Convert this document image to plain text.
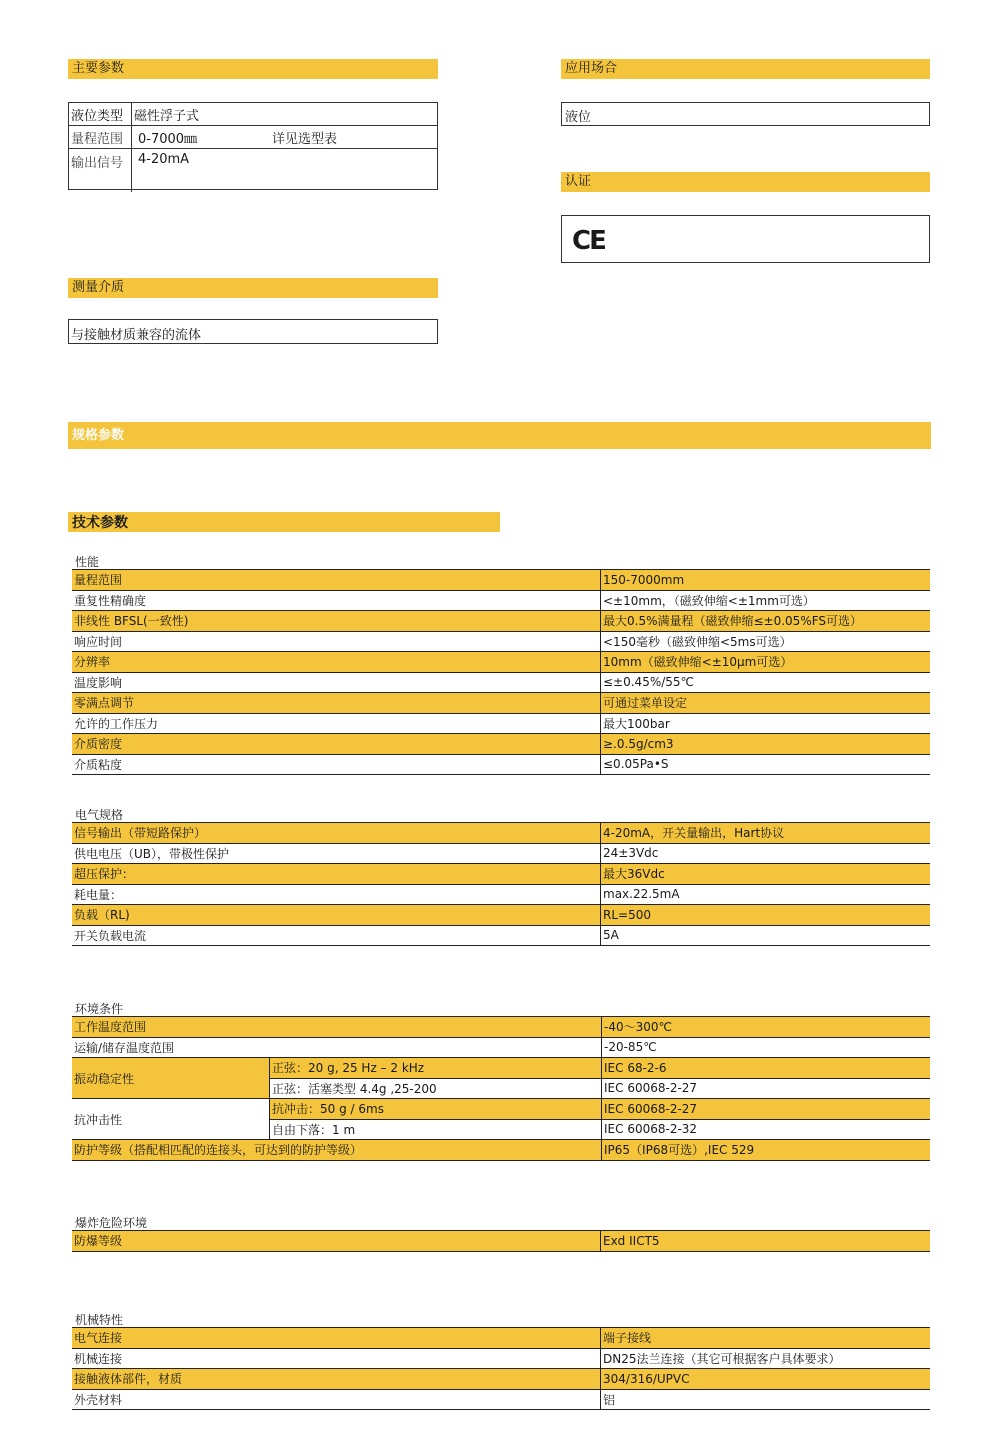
主要参数
液位类型	磁性浮子式
量程范围	0-7000㎜ 详见选型表
输出信号	4-20mA
应用场合
液位
认证
CE
测量介质
与接触材质兼容的流体
规格参数
技术参数
性能
量程范围	150-7000mm
重复性精确度	<±10mm，（磁致伸缩<±1mm可选）
非线性 BFSL(一致性)	最大0.5%满量程（磁致伸缩≤±0.05%FS可选）
响应时间	<150毫秒（磁致伸缩<5ms可选）
分辨率	10mm（磁致伸缩<±10μm可选）
温度影响	≤±0.45%/55℃
零满点调节	可通过菜单设定
允许的工作压力	最大100bar
介质密度	≥.0.5g/cm3
介质粘度	≤0.05Pa•S
电气规格
信号输出（带短路保护）	4-20mA，开关量输出，Hart协议
供电电压（UB），带极性保护	24±3Vdc
超压保护：	最大36Vdc
耗电量：	max.22.5mA
负载（RL)	RL=500
开关负载电流	5A
环境条件
工作温度范围		-40～300℃
运输/储存温度范围		-20-85℃
振动稳定性	正弦：20 g, 25 Hz – 2 kHz	IEC 68-2-6
	正弦：活塞类型 4.4g ,25-200	IEC 60068-2-27
抗冲击性	抗冲击：50 g / 6ms	IEC 60068-2-27
	自由下落：1 m	IEC 60068-2-32
防护等级（搭配相匹配的连接头，可达到的防护等级）		IP65（IP68可选）,IEC 529
爆炸危险环境
防爆等级	Exd IICT5
机械特性
电气连接	端子接线
机械连接	DN25法兰连接（其它可根据客户具体要求）
接触液体部件，材质	304/316/UPVC
外壳材料	铝
